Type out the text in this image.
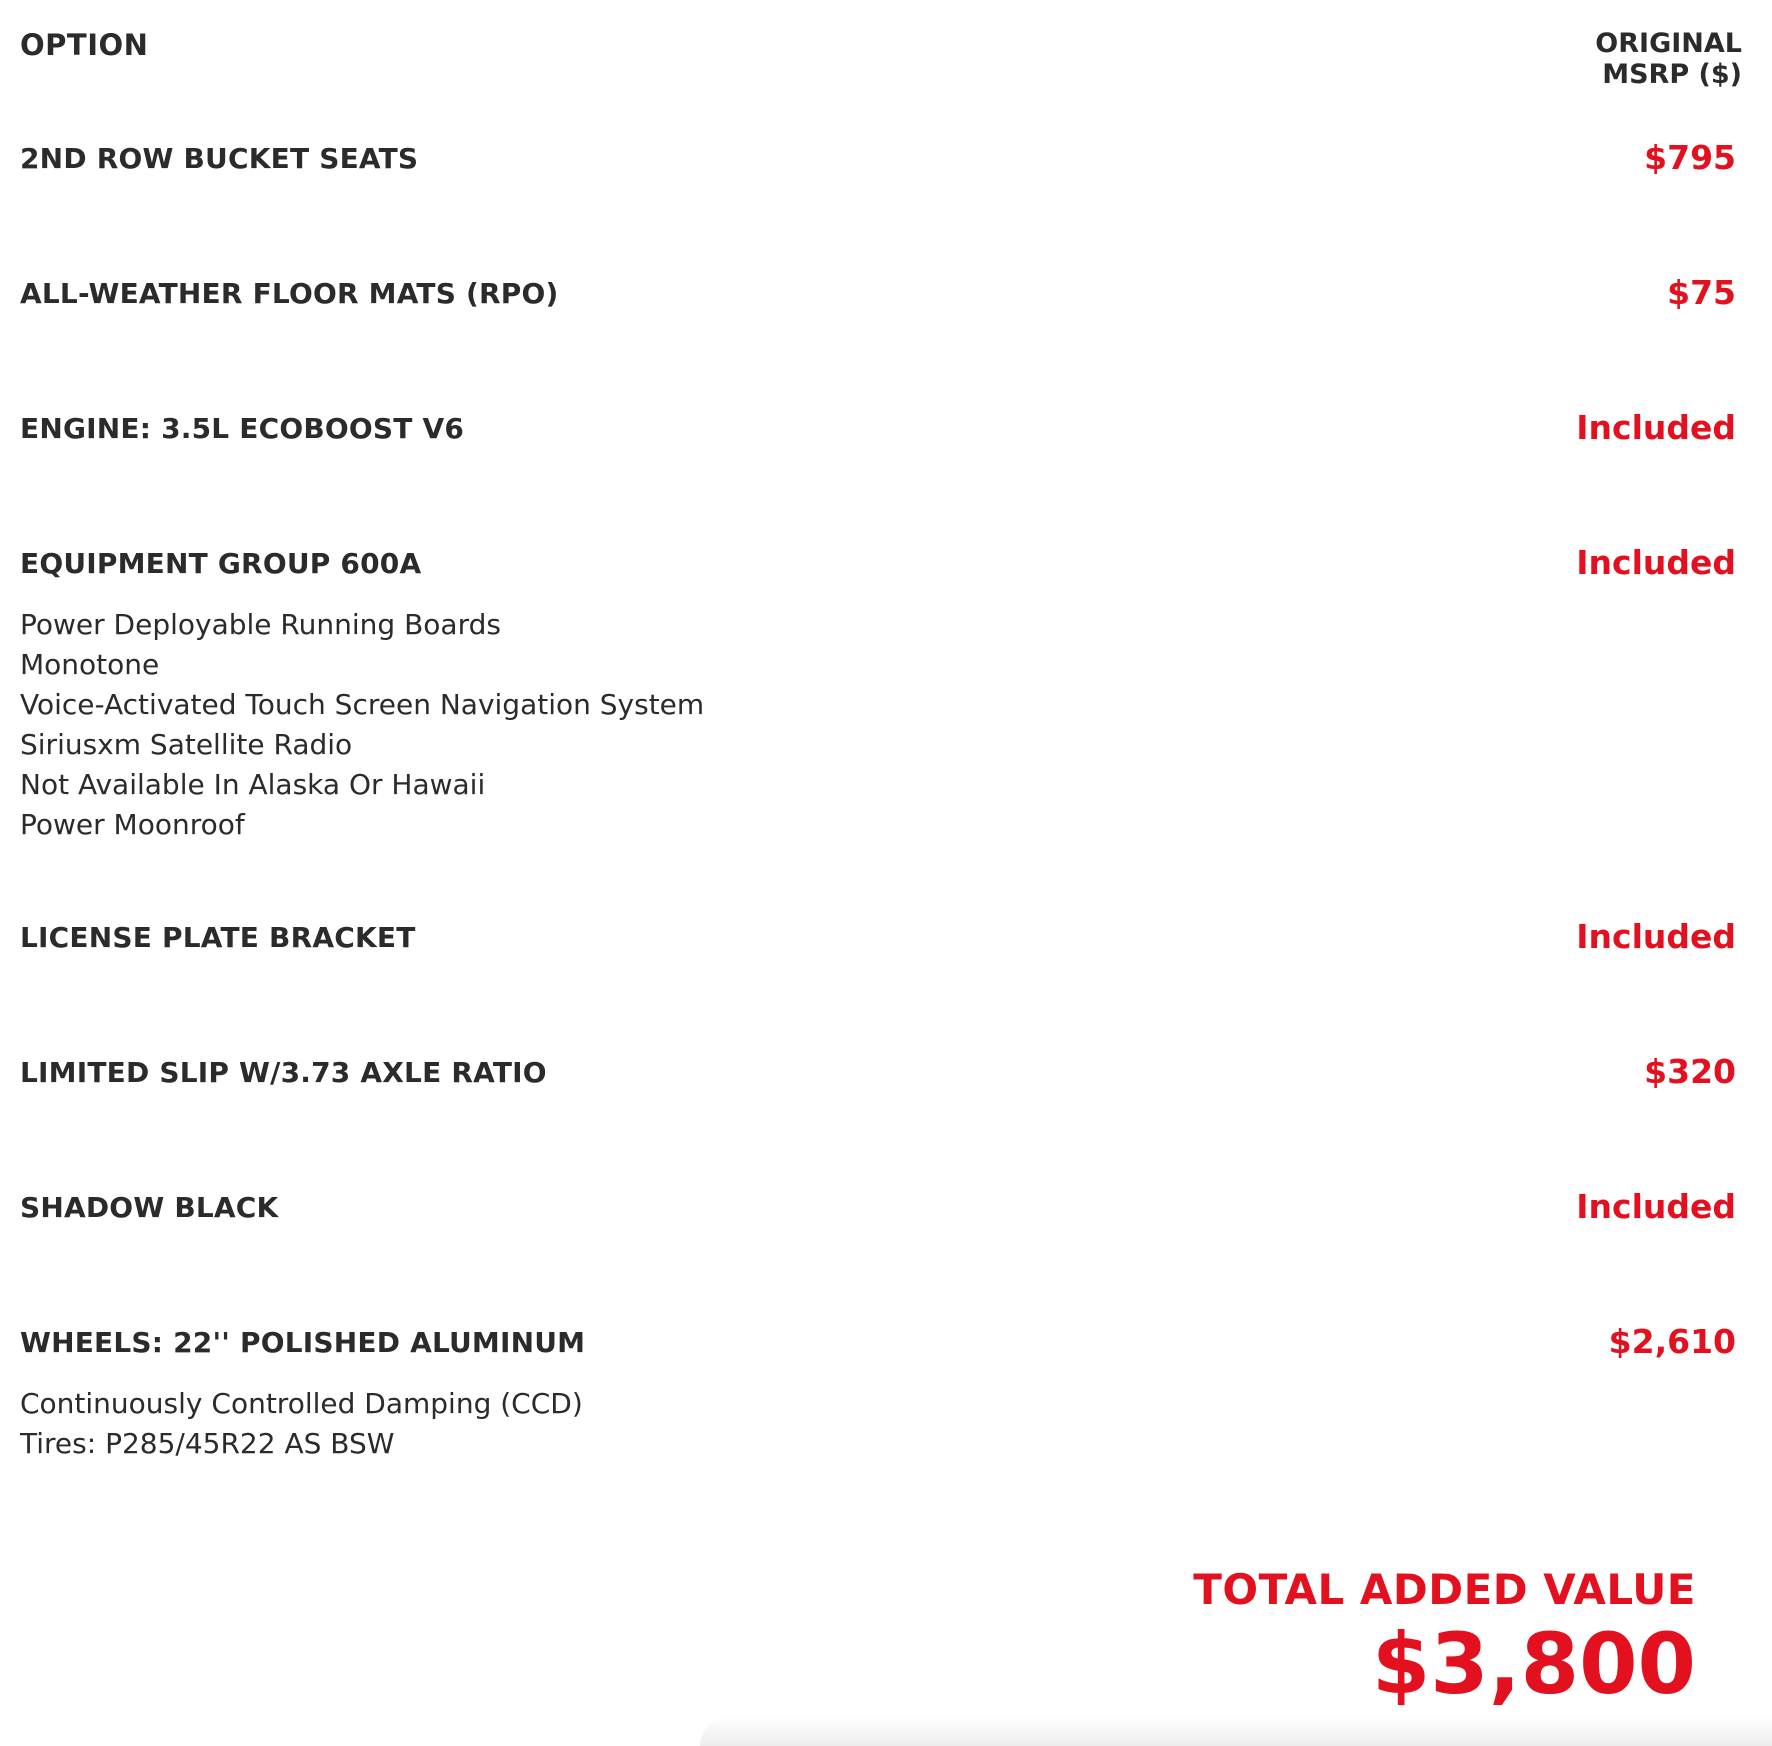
OPTION	ORIGINAL
MSRP ($)
2ND ROW BUCKET SEATS	$795
ALL-WEATHER FLOOR MATS (RPO)	$75
ENGINE: 3.5L ECOBOOST V6	Included
EQUIPMENT GROUP 600A	Included
Power Deployable Running Boards
Monotone
Voice-Activated Touch Screen Navigation System
Siriusxm Satellite Radio
Not Available In Alaska Or Hawaii
Power Moonroof
LICENSE PLATE BRACKET	Included
LIMITED SLIP W/3.73 AXLE RATIO	$320
SHADOW BLACK	Included
WHEELS: 22'' POLISHED ALUMINUM	$2,610
Continuously Controlled Damping (CCD)
Tires: P285/45R22 AS BSW
TOTAL ADDED VALUE
$3,800
